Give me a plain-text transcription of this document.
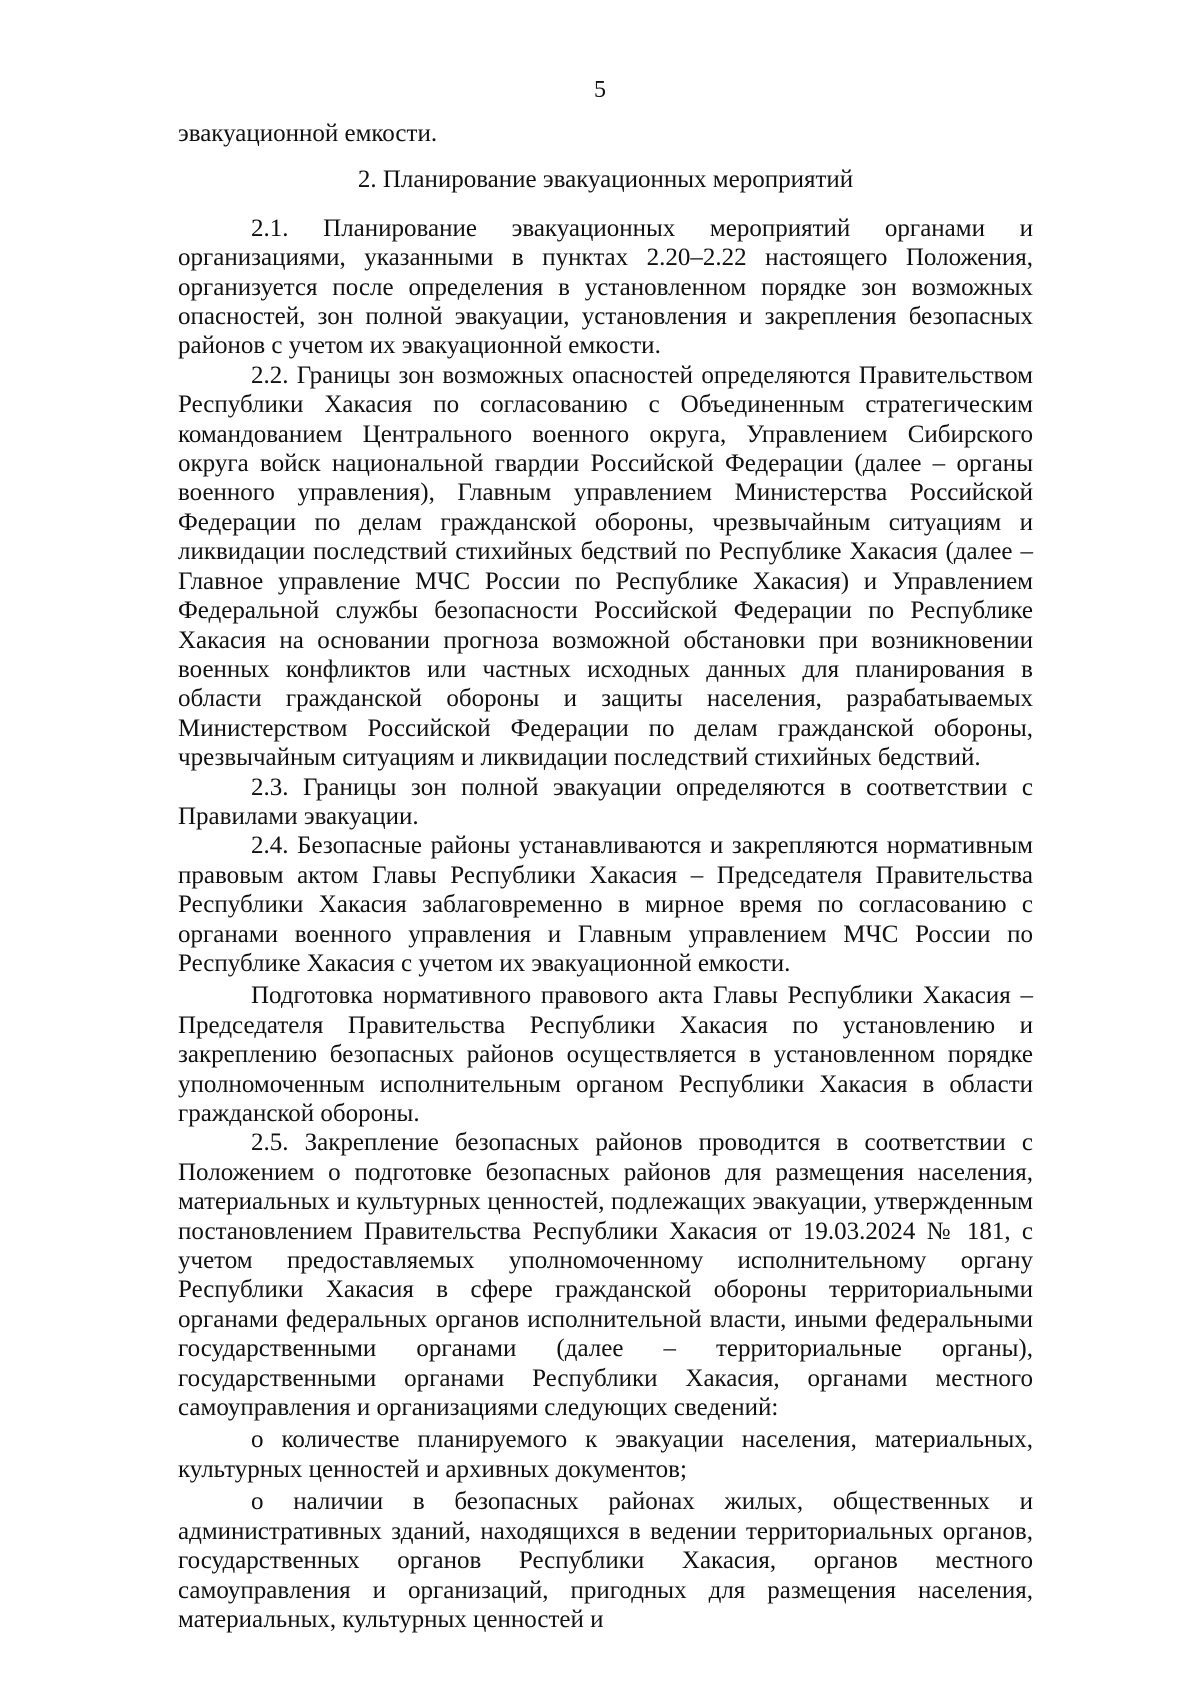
5

эвакуационной емкости.

2. Планирование эвакуационных мероприятий

2.1. Планирование эвакуационных мероприятий органами и организациями, указанными в пунктах 2.20–2.22 настоящего Положения, организуется после определения в установленном порядке зон возможных опасностей, зон полной эвакуации, установления и закрепления безопасных районов с учетом их эвакуационной емкости.

2.2. Границы зон возможных опасностей определяются Правительством Республики Хакасия по согласованию с Объединенным стратегическим командованием Центрального военного округа, Управлением Сибирского округа войск национальной гвардии Российской Федерации (далее – органы военного управления), Главным управлением Министерства Российской Федерации по делам гражданской обороны, чрезвычайным ситуациям и ликвидации последствий стихийных бедствий по Республике Хакасия (далее – Главное управление МЧС России по Республике Хакасия) и Управлением Федеральной службы безопасности Российской Федерации по Республике Хакасия на основании прогноза возможной обстановки при возникновении военных конфликтов или частных исходных данных для планирования в области гражданской обороны и защиты населения, разрабатываемых Министерством Российской Федерации по делам гражданской обороны, чрезвычайным ситуациям и ликвидации последствий стихийных бедствий.

2.3. Границы зон полной эвакуации определяются в соответствии с Правилами эвакуации.

2.4. Безопасные районы устанавливаются и закрепляются нормативным правовым актом Главы Республики Хакасия – Председателя Правительства Республики Хакасия заблаговременно в мирное время по согласованию с органами военного управления и Главным управлением МЧС России по Республике Хакасия с учетом их эвакуационной емкости.

Подготовка нормативного правового акта Главы Республики Хакасия – Председателя Правительства Республики Хакасия по установлению и закреплению безопасных районов осуществляется в установленном порядке уполномоченным исполнительным органом Республики Хакасия в области гражданской обороны.

2.5. Закрепление безопасных районов проводится в соответствии с Положением о подготовке безопасных районов для размещения населения, материальных и культурных ценностей, подлежащих эвакуации, утвержденным постановлением Правительства Республики Хакасия от 19.03.2024 № 181, с учетом предоставляемых уполномоченному исполнительному органу Республики Хакасия в сфере гражданской обороны территориальными органами федеральных органов исполнительной власти, иными федеральными государственными органами (далее – территориальные органы), государственными органами Республики Хакасия, органами местного самоуправления и организациями следующих сведений:

о количестве планируемого к эвакуации населения, материальных, культурных ценностей и архивных документов;

о наличии в безопасных районах жилых, общественных и административных зданий, находящихся в ведении территориальных органов, государственных органов Республики Хакасия, органов местного самоуправления и организаций, пригодных для размещения населения, материальных, культурных ценностей и
